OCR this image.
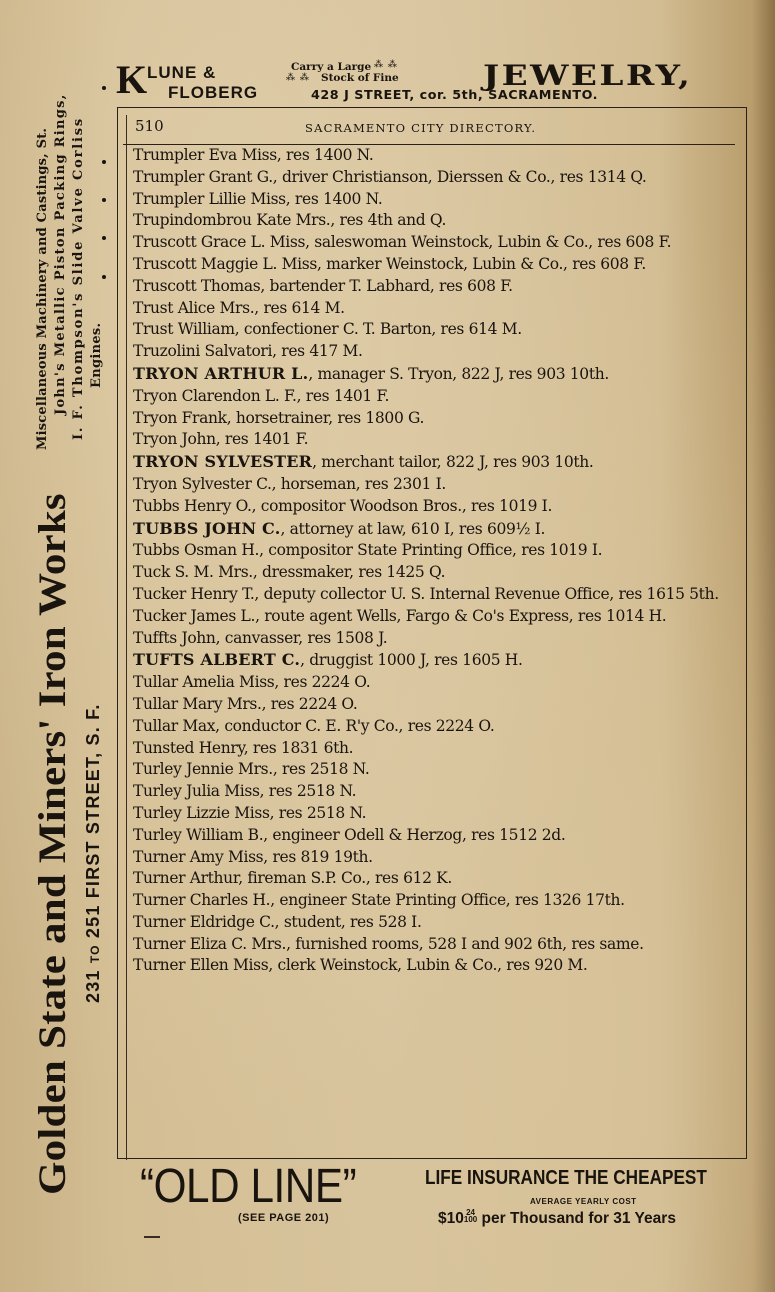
Golden State and Miners' Iron Works 231 TO 251 FIRST STREET, S. F.
Miscellaneous Machinery and Castings, St. John's Metallic Piston Packing Rings, I. F. Thompson's Slide Valve Corliss Engines.
K LUNE &
FLOBERG
Carry a Large ⁂ ⁂
⁂ ⁂ Stock of Fine	JEWELRY,
428 J STREET, cor. 5th, SACRAMENTO.
510	SACRAMENTO CITY DIRECTORY.
Trumpler Eva Miss, res 1400 N.
Trumpler Grant G., driver Christianson, Dierssen & Co., res 1314 Q.
Trumpler Lillie Miss, res 1400 N.
Trupindombrou Kate Mrs., res 4th and Q.
Truscott Grace L. Miss, saleswoman Weinstock, Lubin & Co., res 608 F.
Truscott Maggie L. Miss, marker Weinstock, Lubin & Co., res 608 F.
Truscott Thomas, bartender T. Labhard, res 608 F.
Trust Alice Mrs., res 614 M.
Trust William, confectioner C. T. Barton, res 614 M.
Truzolini Salvatori, res 417 M.
TRYON ARTHUR L., manager S. Tryon, 822 J, res 903 10th.
Tryon Clarendon L. F., res 1401 F.
Tryon Frank, horsetrainer, res 1800 G.
Tryon John, res 1401 F.
TRYON SYLVESTER, merchant tailor, 822 J, res 903 10th.
Tryon Sylvester C., horseman, res 2301 I.
Tubbs Henry O., compositor Woodson Bros., res 1019 I.
TUBBS JOHN C., attorney at law, 610 I, res 609½ I.
Tubbs Osman H., compositor State Printing Office, res 1019 I.
Tuck S. M. Mrs., dressmaker, res 1425 Q.
Tucker Henry T., deputy collector U. S. Internal Revenue Office, res 1615 5th.
Tucker James L., route agent Wells, Fargo & Co's Express, res 1014 H.
Tuffts John, canvasser, res 1508 J.
TUFTS ALBERT C., druggist 1000 J, res 1605 H.
Tullar Amelia Miss, res 2224 O.
Tullar Mary Mrs., res 2224 O.
Tullar Max, conductor C. E. R'y Co., res 2224 O.
Tunsted Henry, res 1831 6th.
Turley Jennie Mrs., res 2518 N.
Turley Julia Miss, res 2518 N.
Turley Lizzie Miss, res 2518 N.
Turley William B., engineer Odell & Herzog, res 1512 2d.
Turner Amy Miss, res 819 19th.
Turner Arthur, fireman S.P. Co., res 612 K.
Turner Charles H., engineer State Printing Office, res 1326 17th.
Turner Eldridge C., student, res 528 I.
Turner Eliza C. Mrs., furnished rooms, 528 I and 902 6th, res same.
Turner Ellen Miss, clerk Weinstock, Lubin & Co., res 920 M.
“OLD LINE”
(SEE PAGE 201)
LIFE INSURANCE THE CHEAPEST
AVERAGE YEARLY COST
$10 24
100 per Thousand for 31 Years
